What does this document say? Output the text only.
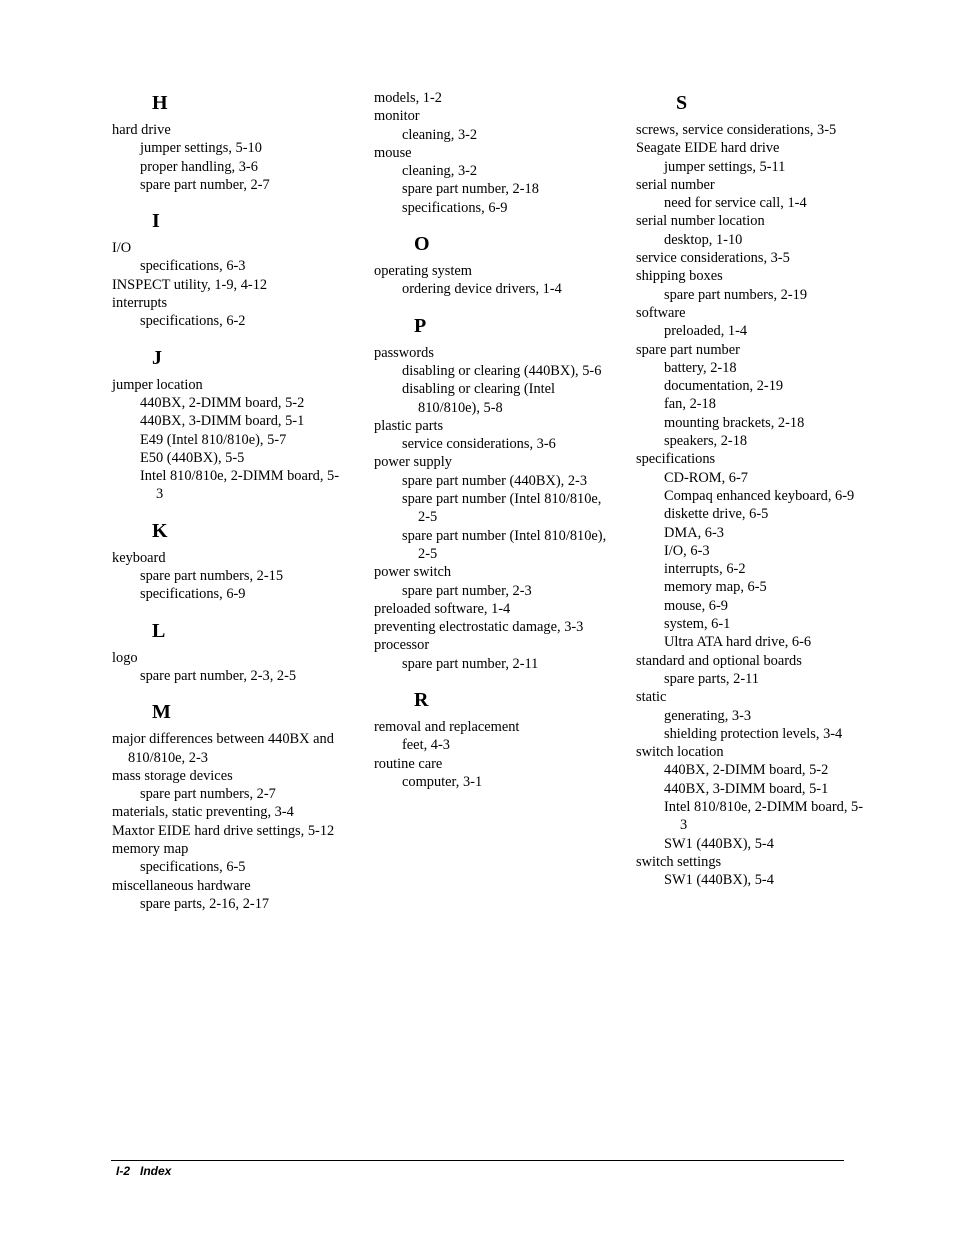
H
hard drive
jumper settings, 5-10
proper handling, 3-6
spare part number, 2-7
I
I/O
specifications, 6-3
INSPECT utility, 1-9, 4-12
interrupts
specifications, 6-2
J
jumper location
440BX, 2-DIMM board, 5-2
440BX, 3-DIMM board, 5-1
E49 (Intel 810/810e), 5-7
E50 (440BX), 5-5
Intel 810/810e, 2-DIMM board, 5-3
K
keyboard
spare part numbers, 2-15
specifications, 6-9
L
logo
spare part number, 2-3, 2-5
M
major differences between 440BX and 810/810e, 2-3
mass storage devices
spare part numbers, 2-7
materials, static preventing, 3-4
Maxtor EIDE hard drive settings, 5-12
memory map
specifications, 6-5
miscellaneous hardware
spare parts, 2-16, 2-17
models, 1-2
monitor
cleaning, 3-2
mouse
cleaning, 3-2
spare part number, 2-18
specifications, 6-9
O
operating system
ordering device drivers, 1-4
P
passwords
disabling or clearing (440BX), 5-6
disabling or clearing (Intel 810/810e), 5-8
plastic parts
service considerations, 3-6
power supply
spare part number (440BX), 2-3
spare part number (Intel 810/810e, 2-5
spare part number (Intel 810/810e), 2-5
power switch
spare part number, 2-3
preloaded software, 1-4
preventing electrostatic damage, 3-3
processor
spare part number, 2-11
R
removal and replacement
feet, 4-3
routine care
computer, 3-1
S
screws, service considerations, 3-5
Seagate EIDE hard drive
jumper settings, 5-11
serial number
need for service call, 1-4
serial number location
desktop, 1-10
service considerations, 3-5
shipping boxes
spare part numbers, 2-19
software
preloaded, 1-4
spare part number
battery, 2-18
documentation, 2-19
fan, 2-18
mounting brackets, 2-18
speakers, 2-18
specifications
CD-ROM, 6-7
Compaq enhanced keyboard, 6-9
diskette drive, 6-5
DMA, 6-3
I/O, 6-3
interrupts, 6-2
memory map, 6-5
mouse, 6-9
system, 6-1
Ultra ATA hard drive, 6-6
standard and optional boards
spare parts, 2-11
static
generating, 3-3
shielding protection levels, 3-4
switch location
440BX, 2-DIMM board, 5-2
440BX, 3-DIMM board, 5-1
Intel 810/810e, 2-DIMM board, 5-3
SW1 (440BX), 5-4
switch settings
SW1 (440BX), 5-4
I-2 Index
